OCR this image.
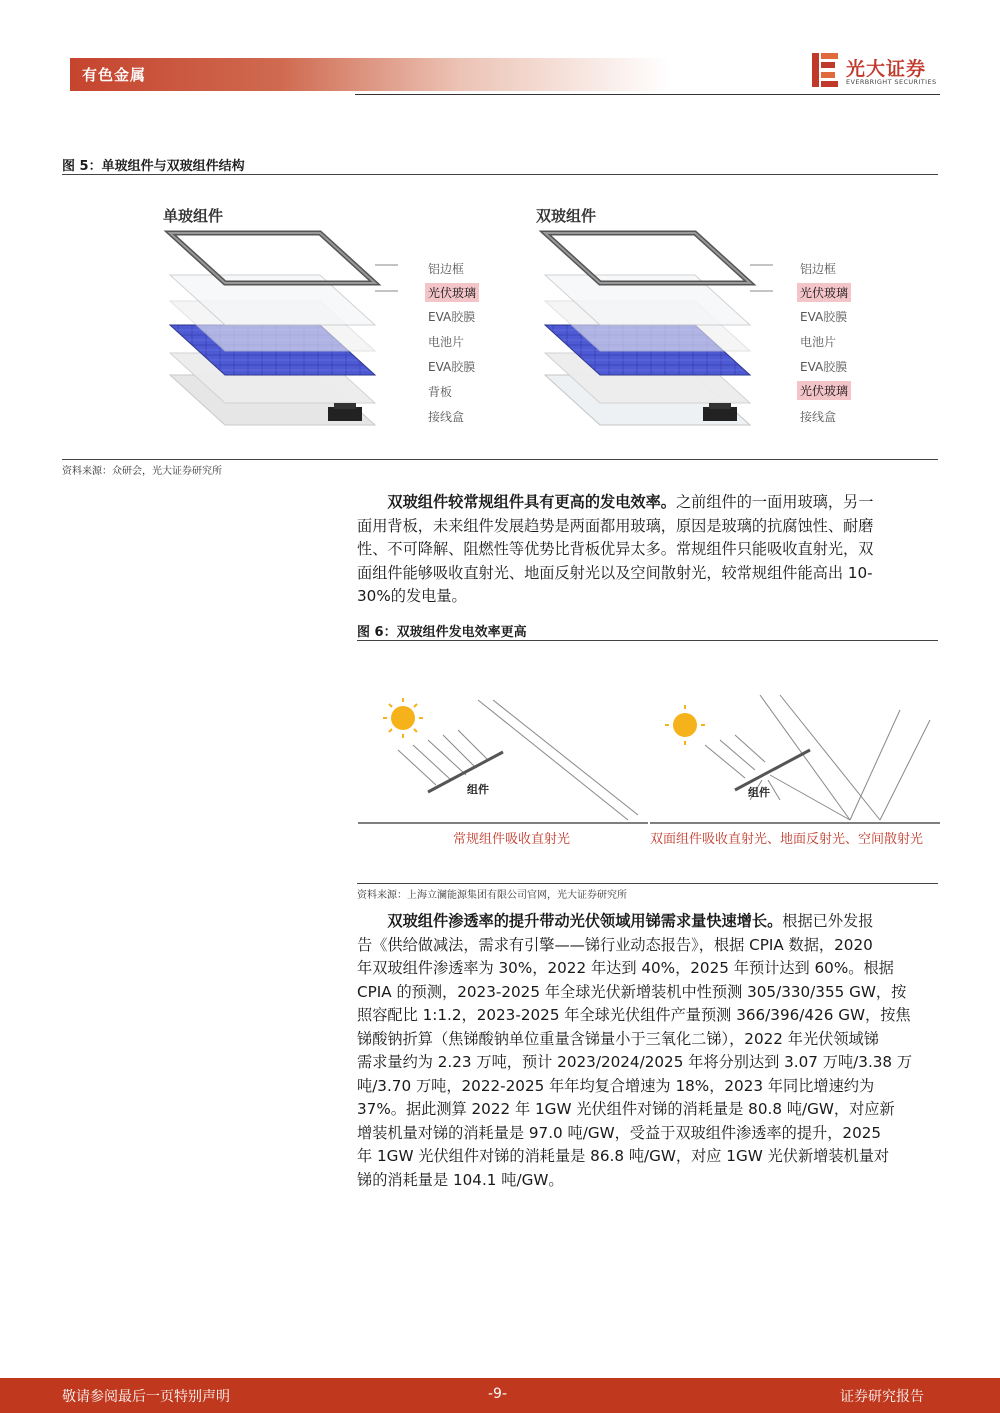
有色金属	光大证券
EVERBRIGHT SECURITIES
图 5：单玻组件与双玻组件结构
单玻组件	双玻组件
铝边框
光伏玻璃
EVA胶膜
电池片
EVA胶膜
背板
接线盒
铝边框
光伏玻璃
EVA胶膜
电池片
EVA胶膜
光伏玻璃
接线盒
资料来源：众研会，光大证券研究所
  双玻组件较常规组件具有更高的发电效率。之前组件的一面用玻璃，另一
面用背板，未来组件发展趋势是两面都用玻璃，原因是玻璃的抗腐蚀性、耐磨
性、不可降解、阻燃性等优势比背板优异太多。常规组件只能吸收直射光，双
面组件能够吸收直射光、地面反射光以及空间散射光，较常规组件能高出 10-
30%的发电量。
图 6：双玻组件发电效率更高
组件
常规组件吸收直射光
组件
双面组件吸收直射光、地面反射光、空间散射光
资料来源：上海立澜能源集团有限公司官网，光大证券研究所
  双玻组件渗透率的提升带动光伏领域用锑需求量快速增长。根据已外发报
告《供给做减法，需求有引擎——锑行业动态报告》，根据 CPIA 数据，2020
年双玻组件渗透率为 30%，2022 年达到 40%，2025 年预计达到 60%。根据
CPIA 的预测，2023-2025 年全球光伏新增装机中性预测 305/330/355 GW，按
照容配比 1:1.2，2023-2025 年全球光伏组件产量预测 366/396/426 GW，按焦
锑酸钠折算（焦锑酸钠单位重量含锑量小于三氧化二锑），2022 年光伏领域锑
需求量约为 2.23 万吨，预计 2023/2024/2025 年将分别达到 3.07 万吨/3.38 万
吨/3.70 万吨，2022-2025 年年均复合增速为 18%，2023 年同比增速约为
37%。据此测算 2022 年 1GW 光伏组件对锑的消耗量是 80.8 吨/GW，对应新
增装机量对锑的消耗量是 97.0 吨/GW，受益于双玻组件渗透率的提升，2025
年 1GW 光伏组件对锑的消耗量是 86.8 吨/GW，对应 1GW 光伏新增装机量对
锑的消耗量是 104.1 吨/GW。
敬请参阅最后一页特别声明	-9-	证券研究报告
